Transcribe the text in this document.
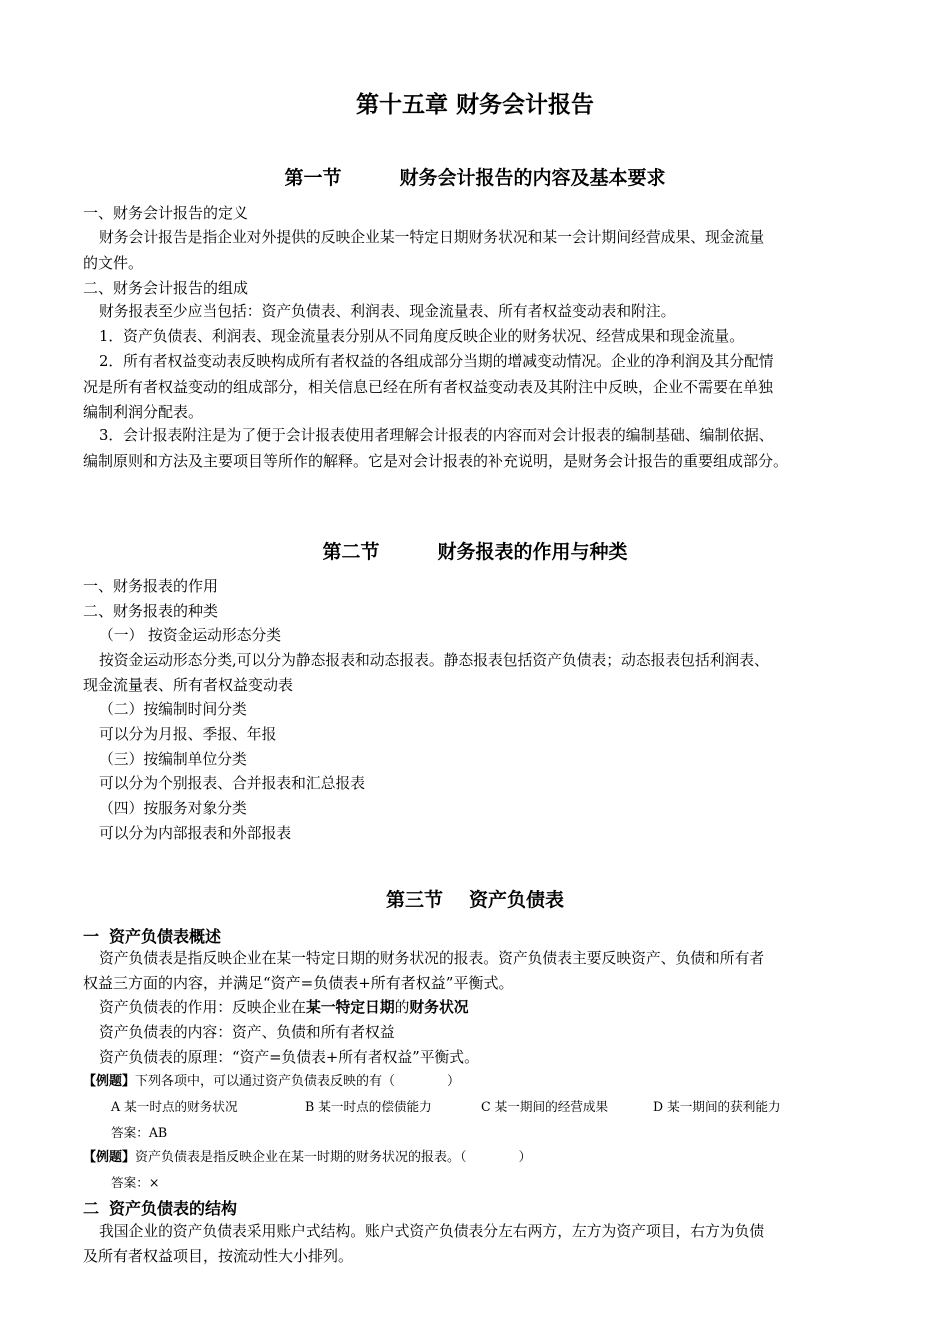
第十五章 财务会计报告
第一节	财务会计报告的内容及基本要求
一、财务会计报告的定义
财务会计报告是指企业对外提供的反映企业某一特定日期财务状况和某一会计期间经营成果、现金流量
的文件。
二、财务会计报告的组成
财务报表至少应当包括：资产负债表、利润表、现金流量表、所有者权益变动表和附注。
1．资产负债表、利润表、现金流量表分别从不同角度反映企业的财务状况、经营成果和现金流量。
2．所有者权益变动表反映构成所有者权益的各组成部分当期的增减变动情况。企业的净利润及其分配情
况是所有者权益变动的组成部分，相关信息已经在所有者权益变动表及其附注中反映，企业不需要在单独
编制利润分配表。
3．会计报表附注是为了便于会计报表使用者理解会计报表的内容而对会计报表的编制基础、编制依据、
编制原则和方法及主要项目等所作的解释。它是对会计报表的补充说明，是财务会计报告的重要组成部分。
第二节	财务报表的作用与种类
一、财务报表的作用
二、财务报表的种类
（一） 按资金运动形态分类
按资金运动形态分类,可以分为静态报表和动态报表。静态报表包括资产负债表；动态报表包括利润表、
现金流量表、所有者权益变动表
（二）按编制时间分类
可以分为月报、季报、年报
（三）按编制单位分类
可以分为个别报表、合并报表和汇总报表
（四）按服务对象分类
可以分为内部报表和外部报表
第三节 资产负债表
一 资产负债表概述
资产负债表是指反映企业在某一特定日期的财务状况的报表。资产负债表主要反映资产、负债和所有者
权益三方面的内容，并满足“资产=负债表+所有者权益”平衡式。
资产负债表的作用：反映企业在某一特定日期的财务状况
资产负债表的内容：资产、负债和所有者权益
资产负债表的原理：“资产=负债表+所有者权益”平衡式。
【例题】下列各项中，可以通过资产负债表反映的有（　　　　）
A 某一时点的财务状况	B 某一时点的偿债能力	C 某一期间的经营成果	D 某一期间的获利能力
答案：AB
【例题】资产负债表是指反映企业在某一时期的财务状况的报表。（　　　　）
答案：×
二 资产负债表的结构
我国企业的资产负债表采用账户式结构。账户式资产负债表分左右两方，左方为资产项目，右方为负债
及所有者权益项目，按流动性大小排列。
